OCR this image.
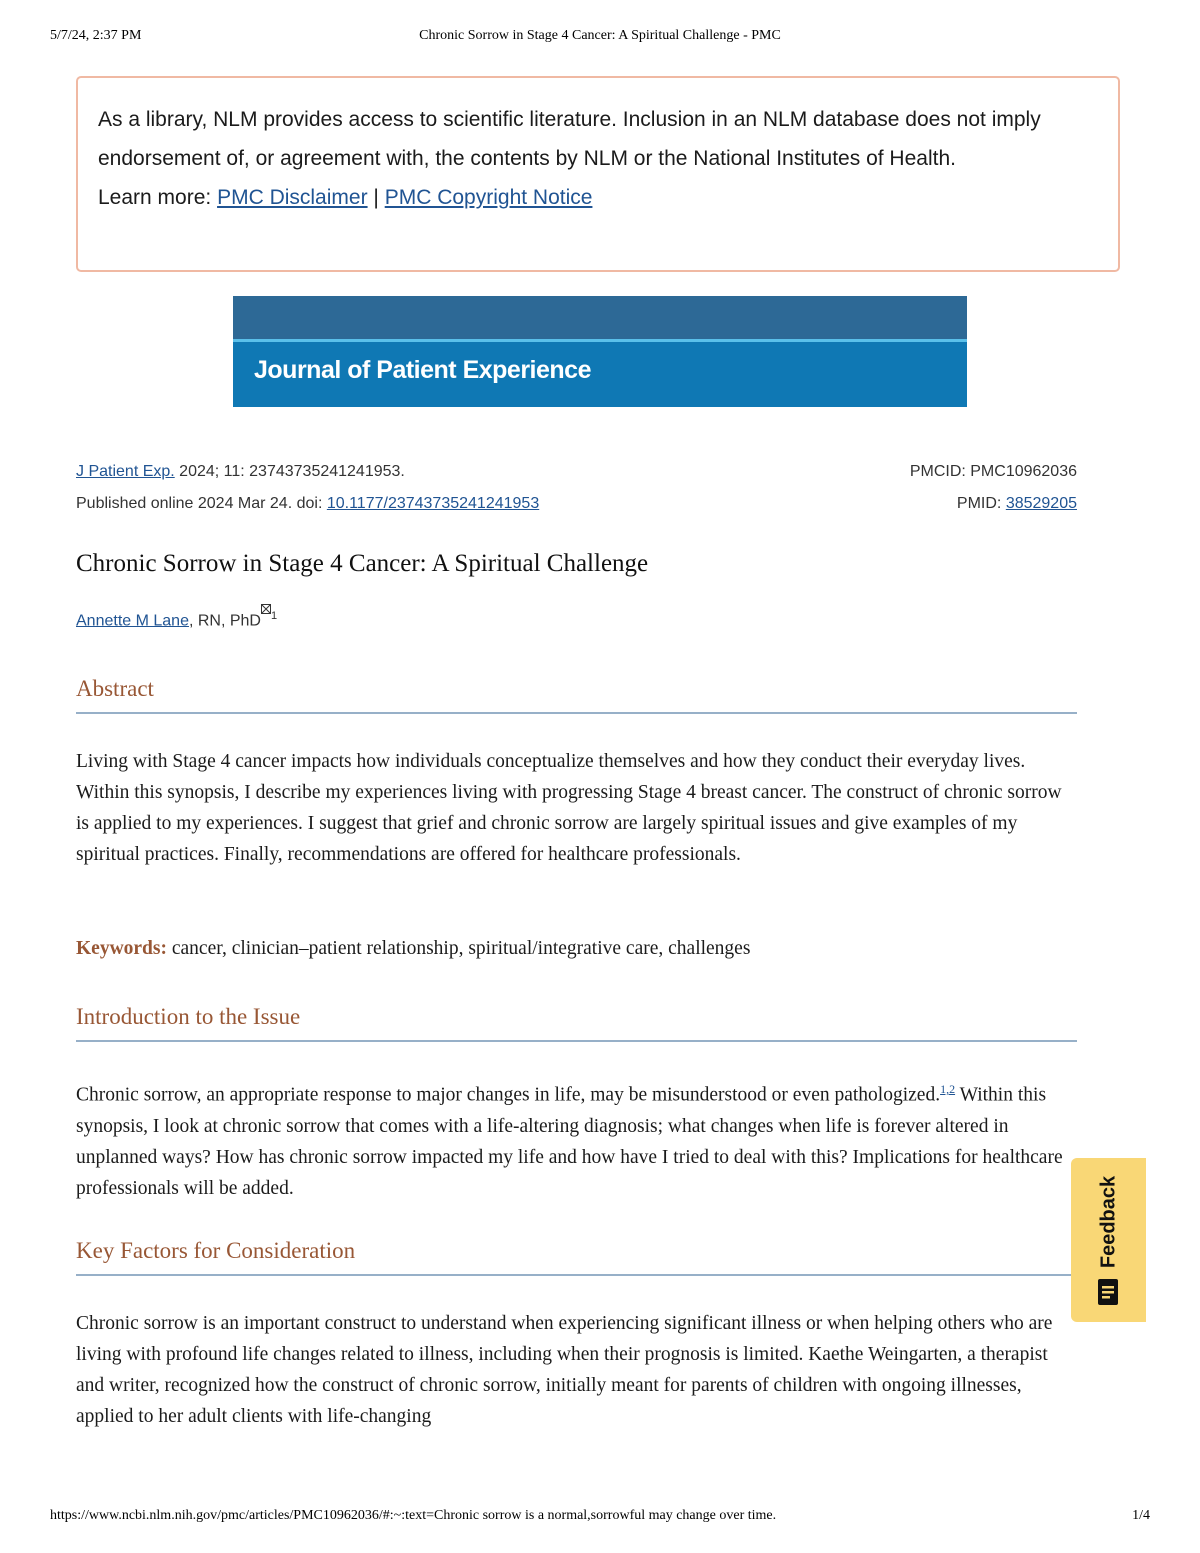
5/7/24, 2:37 PM	Chronic Sorrow in Stage 4 Cancer: A Spiritual Challenge - PMC
As a library, NLM provides access to scientific literature. Inclusion in an NLM database does not imply endorsement of, or agreement with, the contents by NLM or the National Institutes of Health.
Learn more: PMC Disclaimer | PMC Copyright Notice
Journal of Patient Experience
J Patient Exp. 2024; 11: 23743735241241953.
Published online 2024 Mar 24. doi: 10.1177/23743735241241953
PMCID: PMC10962036
PMID: 38529205
Chronic Sorrow in Stage 4 Cancer: A Spiritual Challenge
Annette M Lane, RN, PhD $^1$
Abstract

Living with Stage 4 cancer impacts how individuals conceptualize themselves and how they conduct their everyday lives. Within this synopsis, I describe my experiences living with progressing Stage 4 breast cancer. The construct of chronic sorrow is applied to my experiences. I suggest that grief and chronic sorrow are largely spiritual issues and give examples of my spiritual practices. Finally, recommendations are offered for healthcare professionals.

Keywords: cancer, clinician–patient relationship, spiritual/integrative care, challenges

Introduction to the Issue

Chronic sorrow, an appropriate response to major changes in life, may be misunderstood or even pathologized.$^{1,2}$ Within this synopsis, I look at chronic sorrow that comes with a life-altering diagnosis; what changes when life is forever altered in unplanned ways? How has chronic sorrow impacted my life and how have I tried to deal with this? Implications for healthcare professionals will be added.

Key Factors for Consideration

Chronic sorrow is an important construct to understand when experiencing significant illness or when helping others who are living with profound life changes related to illness, including when their prognosis is limited. Kaethe Weingarten, a therapist and writer, recognized how the construct of chronic sorrow, initially meant for parents of children with ongoing illnesses, applied to her adult clients with life-changing

Feedback
https://www.ncbi.nlm.nih.gov/pmc/articles/PMC10962036/#:~:text=Chronic sorrow is a normal,sorrowful may change over time.	1/4
